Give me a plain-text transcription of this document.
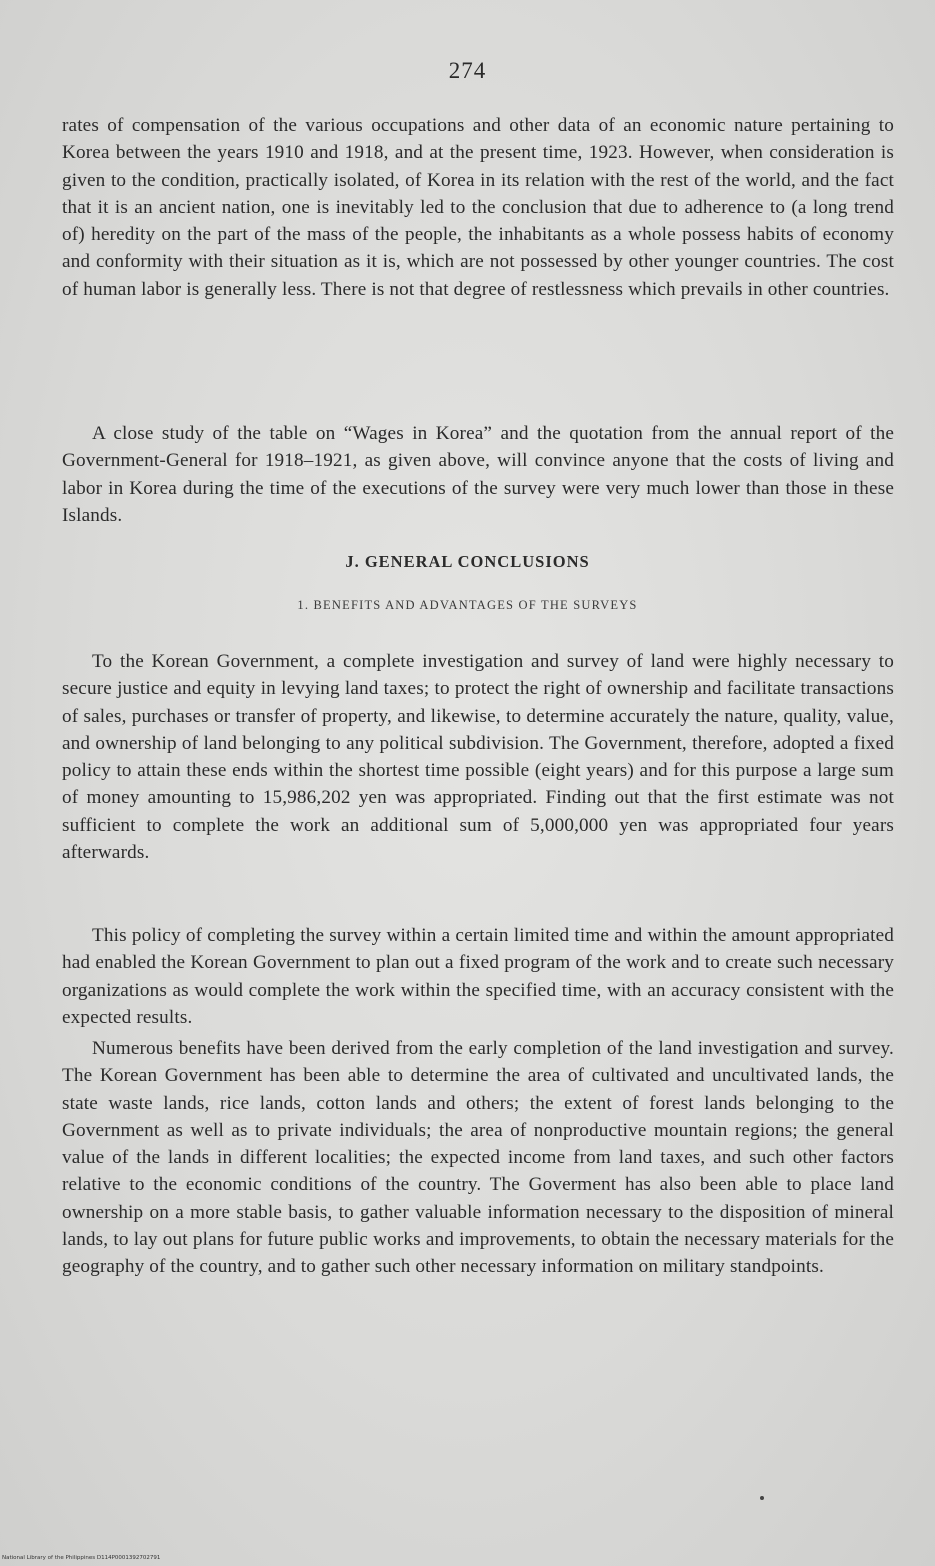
274

rates of compensation of the various occupations and other data of an economic nature pertaining to Korea between the years 1910 and 1918, and at the present time, 1923. However, when consideration is given to the condition, practically isolated, of Korea in its relation with the rest of the world, and the fact that it is an ancient nation, one is inevitably led to the conclusion that due to adherence to (a long trend of) heredity on the part of the mass of the people, the inhabitants as a whole possess habits of economy and conformity with their situation as it is, which are not possessed by other younger countries. The cost of human labor is generally less. There is not that degree of restlessness which prevails in other countries.

A close study of the table on “Wages in Korea” and the quotation from the annual report of the Government-General for 1918–1921, as given above, will convince anyone that the costs of living and labor in Korea during the time of the executions of the survey were very much lower than those in these Islands.

J. GENERAL CONCLUSIONS
1. BENEFITS AND ADVANTAGES OF THE SURVEYS

To the Korean Government, a complete investigation and survey of land were highly necessary to secure justice and equity in levying land taxes; to protect the right of ownership and facilitate transactions of sales, purchases or transfer of property, and likewise, to determine accurately the nature, quality, value, and ownership of land belonging to any political subdivision. The Government, therefore, adopted a fixed policy to attain these ends within the shortest time possible (eight years) and for this purpose a large sum of money amounting to 15,986,202 yen was appropriated. Finding out that the first estimate was not sufficient to complete the work an additional sum of 5,000,000 yen was appropriated four years afterwards.

This policy of completing the survey within a certain limited time and within the amount appropriated had enabled the Korean Government to plan out a fixed program of the work and to create such necessary organizations as would complete the work within the specified time, with an accuracy consistent with the expected results.

Numerous benefits have been derived from the early completion of the land investigation and survey. The Korean Government has been able to determine the area of cultivated and uncultivated lands, the state waste lands, rice lands, cotton lands and others; the extent of forest lands belonging to the Government as well as to private individuals; the area of nonproductive mountain regions; the general value of the lands in different localities; the expected income from land taxes, and such other factors relative to the economic conditions of the country. The Goverment has also been able to place land ownership on a more stable basis, to gather valuable information necessary to the disposition of mineral lands, to lay out plans for future public works and improvements, to obtain the necessary materials for the geography of the country, and to gather such other necessary information on military standpoints.

National Library of the Philippines D114P0001392702791
